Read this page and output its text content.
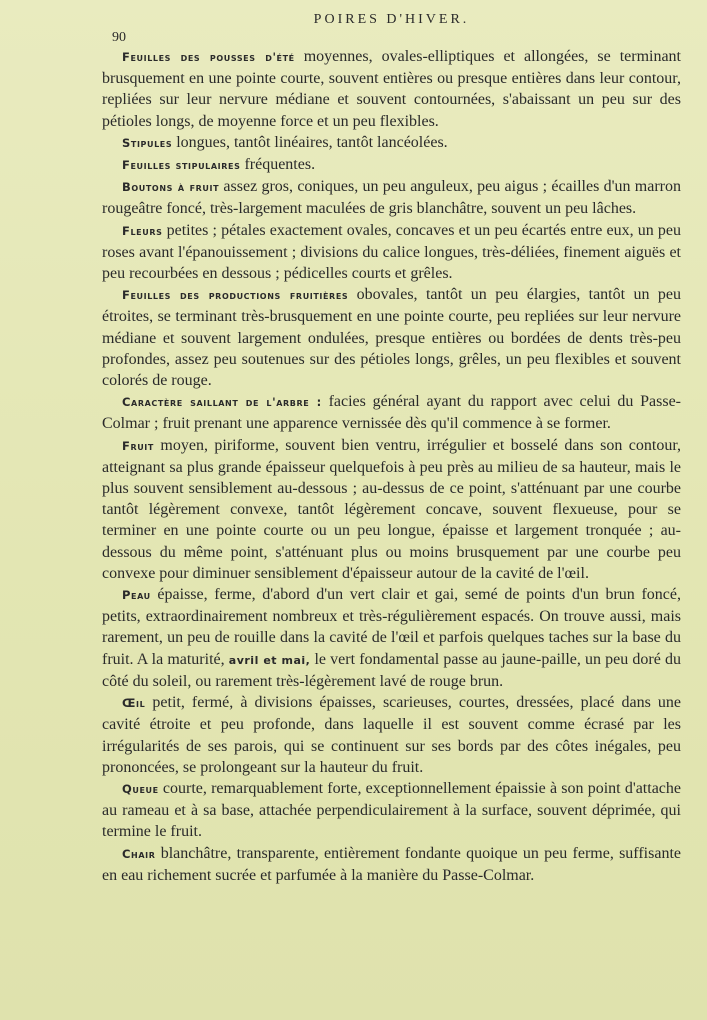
POIRES D'HIVER.
90

Feuilles des pousses d'été moyennes, ovales-elliptiques et allongées, se terminant brusquement en une pointe courte, souvent entières ou presque entières dans leur contour, repliées sur leur nervure médiane et souvent contournées, s'abaissant un peu sur des pétioles longs, de moyenne force et un peu flexibles.

Stipules longues, tantôt linéaires, tantôt lancéolées.

Feuilles stipulaires fréquentes.

Boutons à fruit assez gros, coniques, un peu anguleux, peu aigus ; écailles d'un marron rougeâtre foncé, très-largement maculées de gris blanchâtre, souvent un peu lâches.

Fleurs petites ; pétales exactement ovales, concaves et un peu écartés entre eux, un peu roses avant l'épanouissement ; divisions du calice longues, très-déliées, finement aiguës et peu recourbées en dessous ; pédicelles courts et grêles.

Feuilles des productions fruitières obovales, tantôt un peu élargies, tantôt un peu étroites, se terminant très-brusquement en une pointe courte, peu repliées sur leur nervure médiane et souvent largement ondulées, presque entières ou bordées de dents très-peu profondes, assez peu soutenues sur des pétioles longs, grêles, un peu flexibles et souvent colorés de rouge.

Caractère saillant de l'arbre : facies général ayant du rapport avec celui du Passe-Colmar ; fruit prenant une apparence vernissée dès qu'il commence à se former.

Fruit moyen, piriforme, souvent bien ventru, irrégulier et bosselé dans son contour, atteignant sa plus grande épaisseur quelquefois à peu près au milieu de sa hauteur, mais le plus souvent sensiblement au-dessous ; au-dessus de ce point, s'atténuant par une courbe tantôt légèrement convexe, tantôt légèrement concave, souvent flexueuse, pour se terminer en une pointe courte ou un peu longue, épaisse et largement tronquée ; au-dessous du même point, s'atténuant plus ou moins brusquement par une courbe peu convexe pour diminuer sensiblement d'épaisseur autour de la cavité de l'œil.

Peau épaisse, ferme, d'abord d'un vert clair et gai, semé de points d'un brun foncé, petits, extraordinairement nombreux et très-régulièrement espacés. On trouve aussi, mais rarement, un peu de rouille dans la cavité de l'œil et parfois quelques taches sur la base du fruit. A la maturité, avril et mai, le vert fondamental passe au jaune-paille, un peu doré du côté du soleil, ou rarement très-légèrement lavé de rouge brun.

Œil petit, fermé, à divisions épaisses, scarieuses, courtes, dressées, placé dans une cavité étroite et peu profonde, dans laquelle il est souvent comme écrasé par les irrégularités de ses parois, qui se continuent sur ses bords par des côtes inégales, peu prononcées, se prolongeant sur la hauteur du fruit.

Queue courte, remarquablement forte, exceptionnellement épaissie à son point d'attache au rameau et à sa base, attachée perpendiculairement à la surface, souvent déprimée, qui termine le fruit.

Chair blanchâtre, transparente, entièrement fondante quoique un peu ferme, suffisante en eau richement sucrée et parfumée à la manière du Passe-Colmar.
